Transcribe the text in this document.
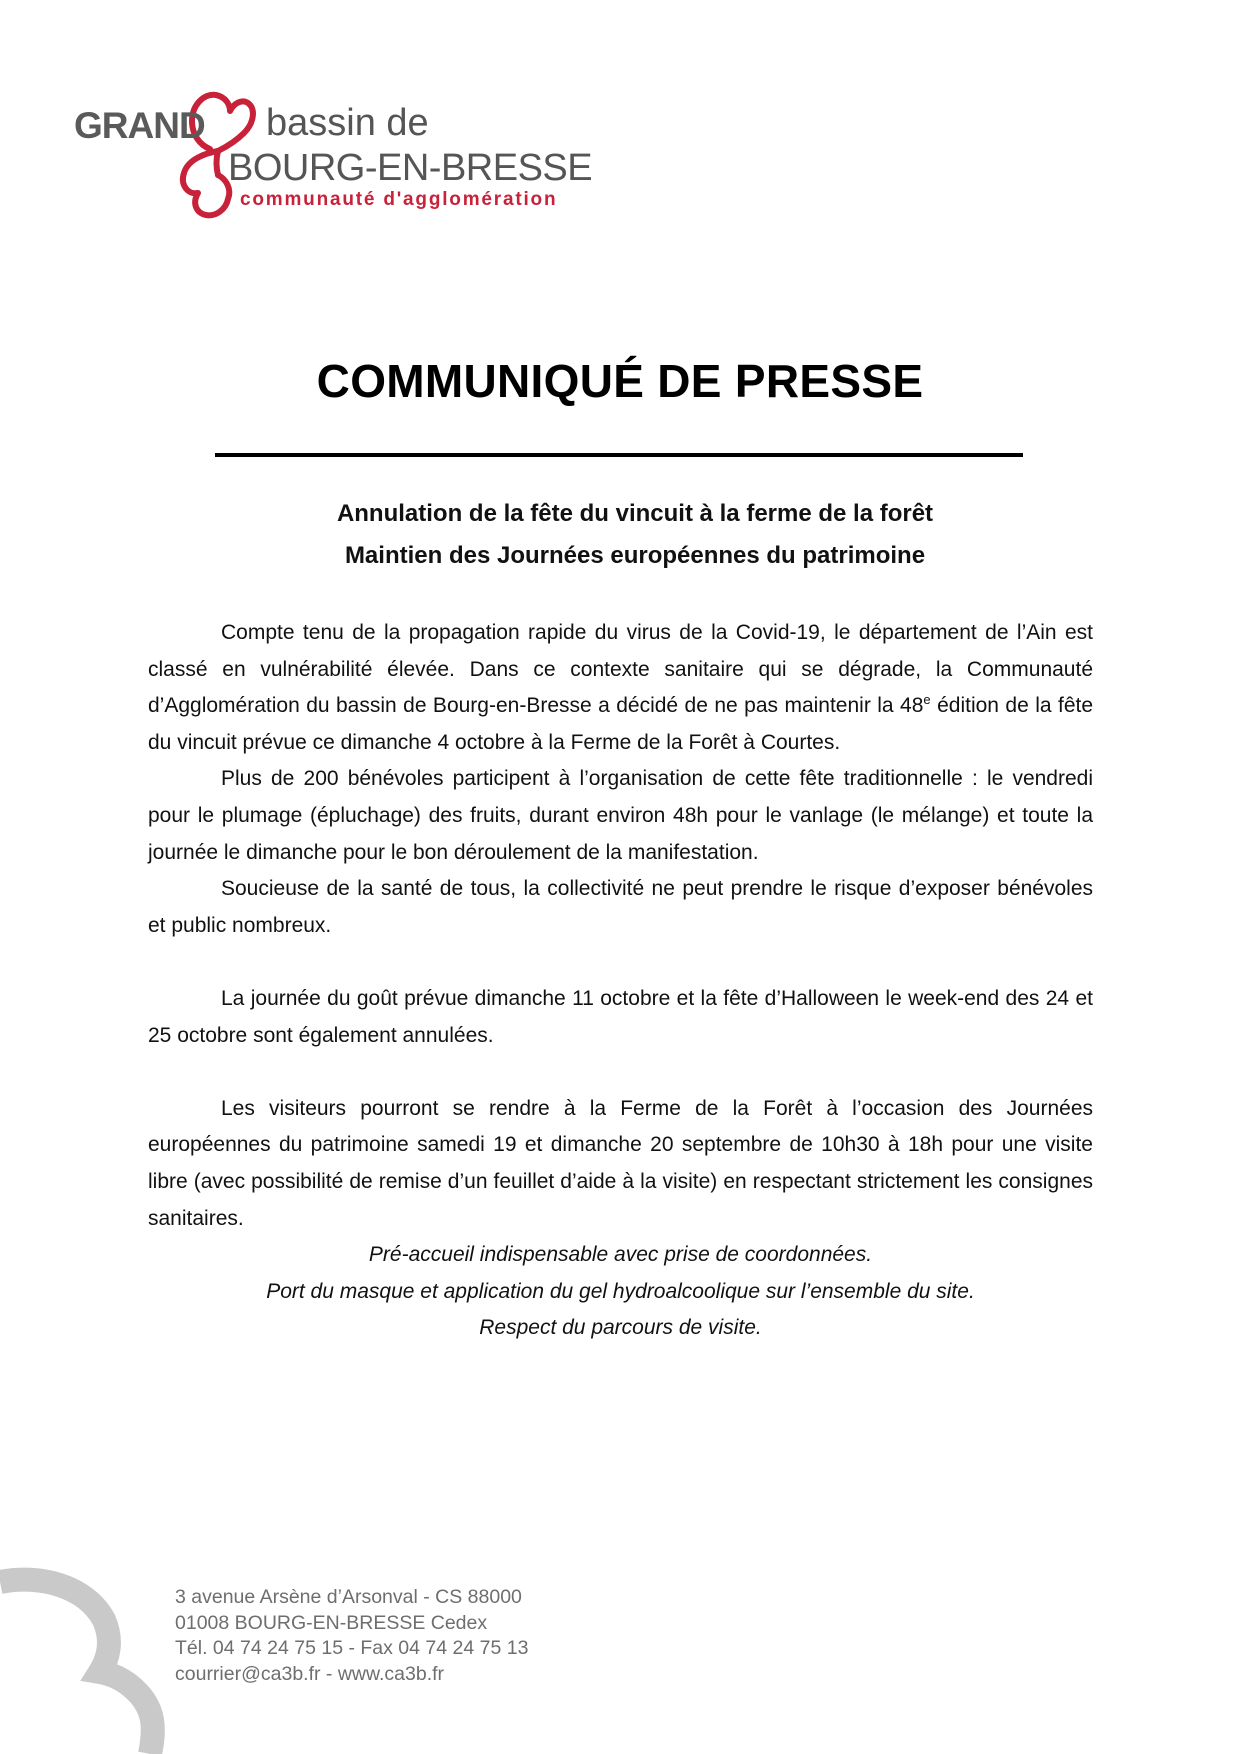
GRAND bassin de
BOURG-EN-BRESSE
communauté d'agglomération
COMMUNIQUÉ DE PRESSE
Annulation de la fête du vincuit à la ferme de la forêt
Maintien des Journées européennes du patrimoine

Compte tenu de la propagation rapide du virus de la Covid-19, le département de l’Ain est classé en vulnérabilité élevée. Dans ce contexte sanitaire qui se dégrade, la Communauté d’Agglomération du bassin de Bourg-en-Bresse a décidé de ne pas maintenir la 48e édition de la fête du vincuit prévue ce dimanche 4 octobre à la Ferme de la Forêt à Courtes.

Plus de 200 bénévoles participent à l’organisation de cette fête traditionnelle : le vendredi pour le plumage (épluchage) des fruits, durant environ 48h pour le vanlage (le mélange) et toute la journée le dimanche pour le bon déroulement de la manifestation.

Soucieuse de la santé de tous, la collectivité ne peut prendre le risque d’exposer bénévoles et public nombreux.

La journée du goût prévue dimanche 11 octobre et la fête d’Halloween le week-end des 24 et 25 octobre sont également annulées.

Les visiteurs pourront se rendre à la Ferme de la Forêt à l’occasion des Journées européennes du patrimoine samedi 19 et dimanche 20 septembre de 10h30 à 18h pour une visite libre (avec possibilité de remise d’un feuillet d’aide à la visite) en respectant strictement les consignes sanitaires.

Pré-accueil indispensable avec prise de coordonnées.

Port du masque et application du gel hydroalcoolique sur l’ensemble du site.

Respect du parcours de visite.

3 avenue Arsène d’Arsonval - CS 88000
01008 BOURG-EN-BRESSE Cedex
Tél. 04 74 24 75 15 - Fax 04 74 24 75 13
courrier@ca3b.fr - www.ca3b.fr
